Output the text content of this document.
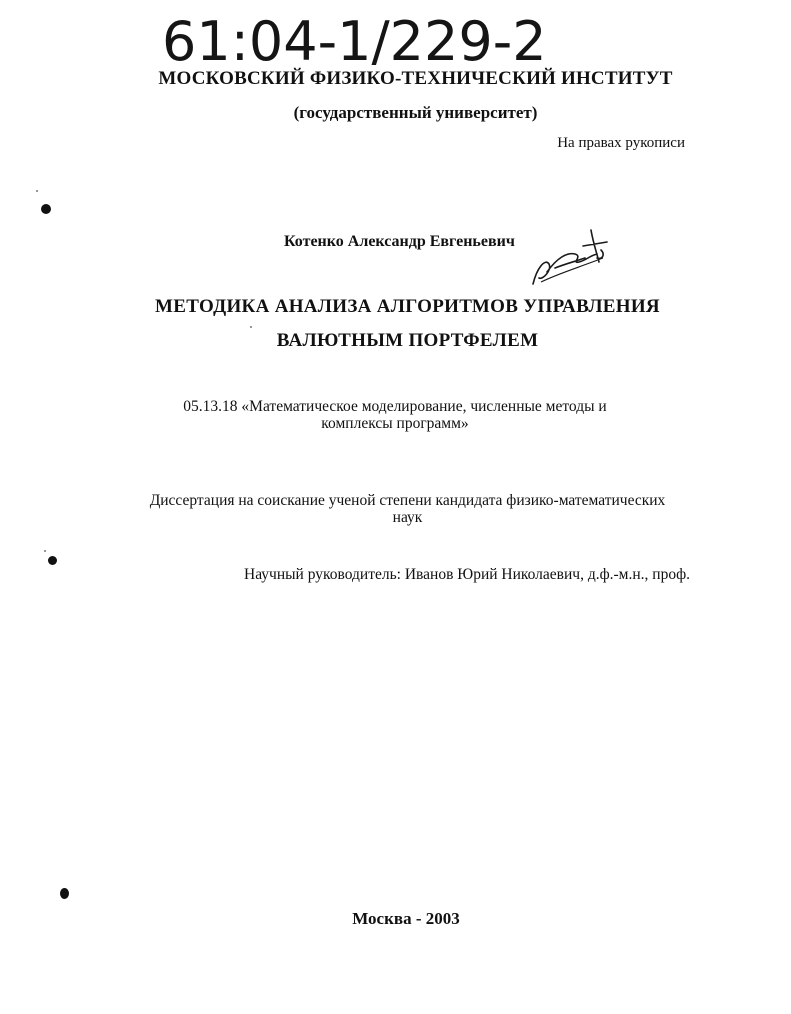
61:04-1/229-2
МОСКОВСКИЙ ФИЗИКО-ТЕХНИЧЕСКИЙ ИНСТИТУТ
(государственный университет)
На правах рукописи
Котенко Александр Евгеньевич
МЕТОДИКА АНАЛИЗА АЛГОРИТМОВ УПРАВЛЕНИЯ
ВАЛЮТНЫМ ПОРТФЕЛЕМ
05.13.18 «Математическое моделирование, численные методы и
комплексы программ»
Диссертация на соискание ученой степени кандидата физико-математических
наук
Научный руководитель: Иванов Юрий Николаевич, д.ф.-м.н., проф.
Москва - 2003
